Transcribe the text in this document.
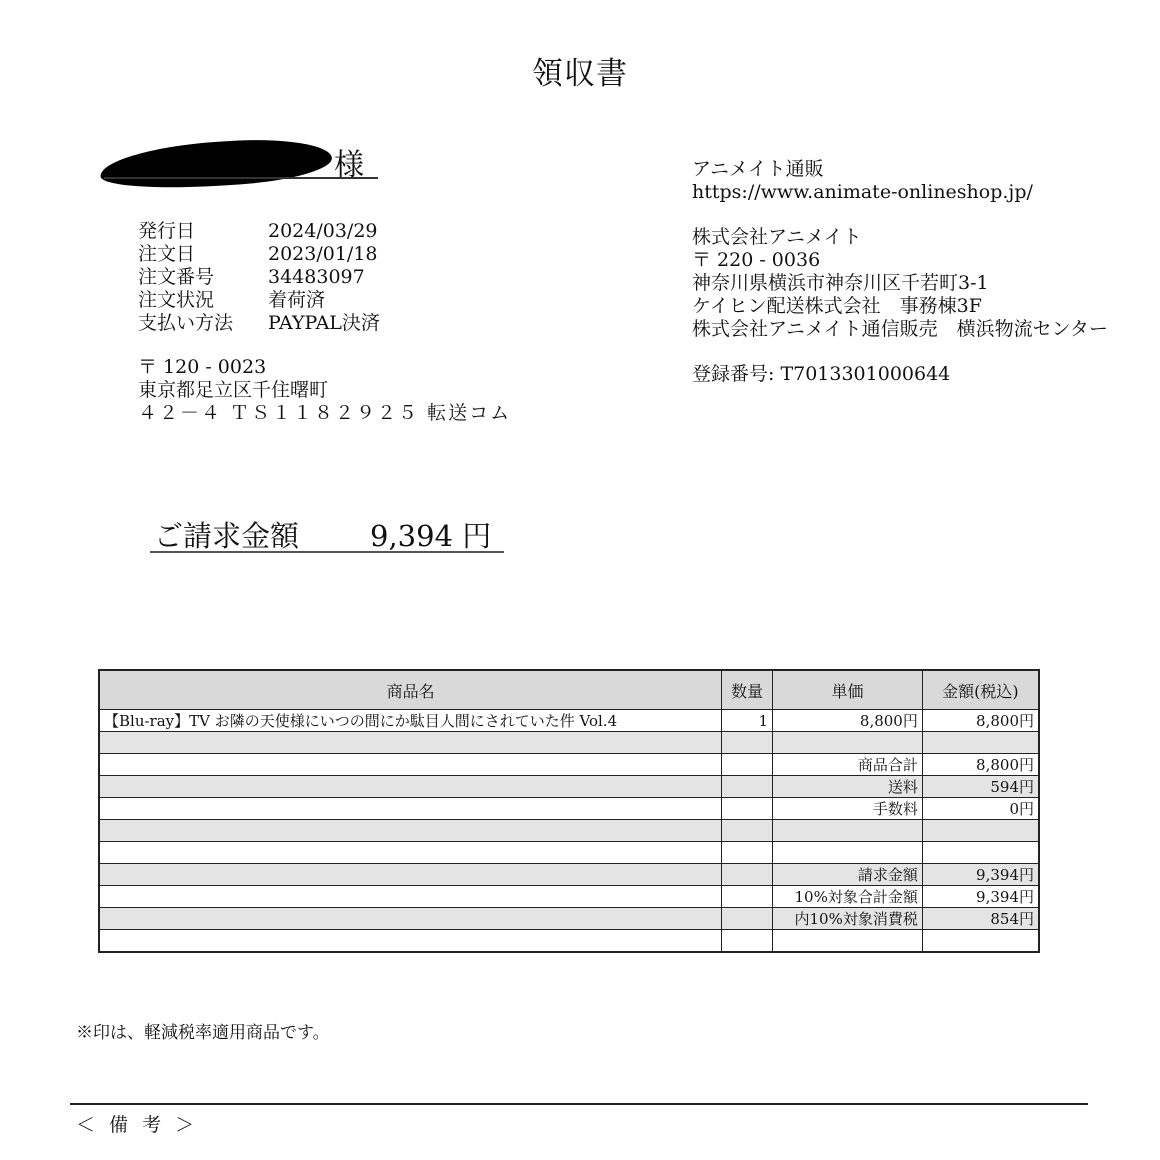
領収書
様
発行日	2024/03/29
注文日	2023/01/18
注文番号	34483097
注文状況	着荷済
支払い方法	PAYPAL決済
〒 120 - 0023
東京都足立区千住曙町
４２－４ ＴＳ１１８２９２５ 転送コム
ご請求金額 9,394 円
アニメイト通販
https://www.animate-onlineshop.jp/
株式会社アニメイト
〒 220 - 0036
神奈川県横浜市神奈川区千若町3-1
ケイヒン配送株式会社　事務棟3F
株式会社アニメイト通信販売　横浜物流センター
登録番号: T7013301000644
商品名	数量	単価	金額(税込)
【Blu-ray】TV お隣の天使様にいつの間にか駄目人間にされていた件 Vol.4	1	8,800円	8,800円

		商品合計	8,800円
		送料	594円
		手数料	0円

		請求金額	9,394円
		10%対象合計金額	9,394円
		内10%対象消費税	854円

※印は、軽減税率適用商品です。
＜ 備 考 ＞
